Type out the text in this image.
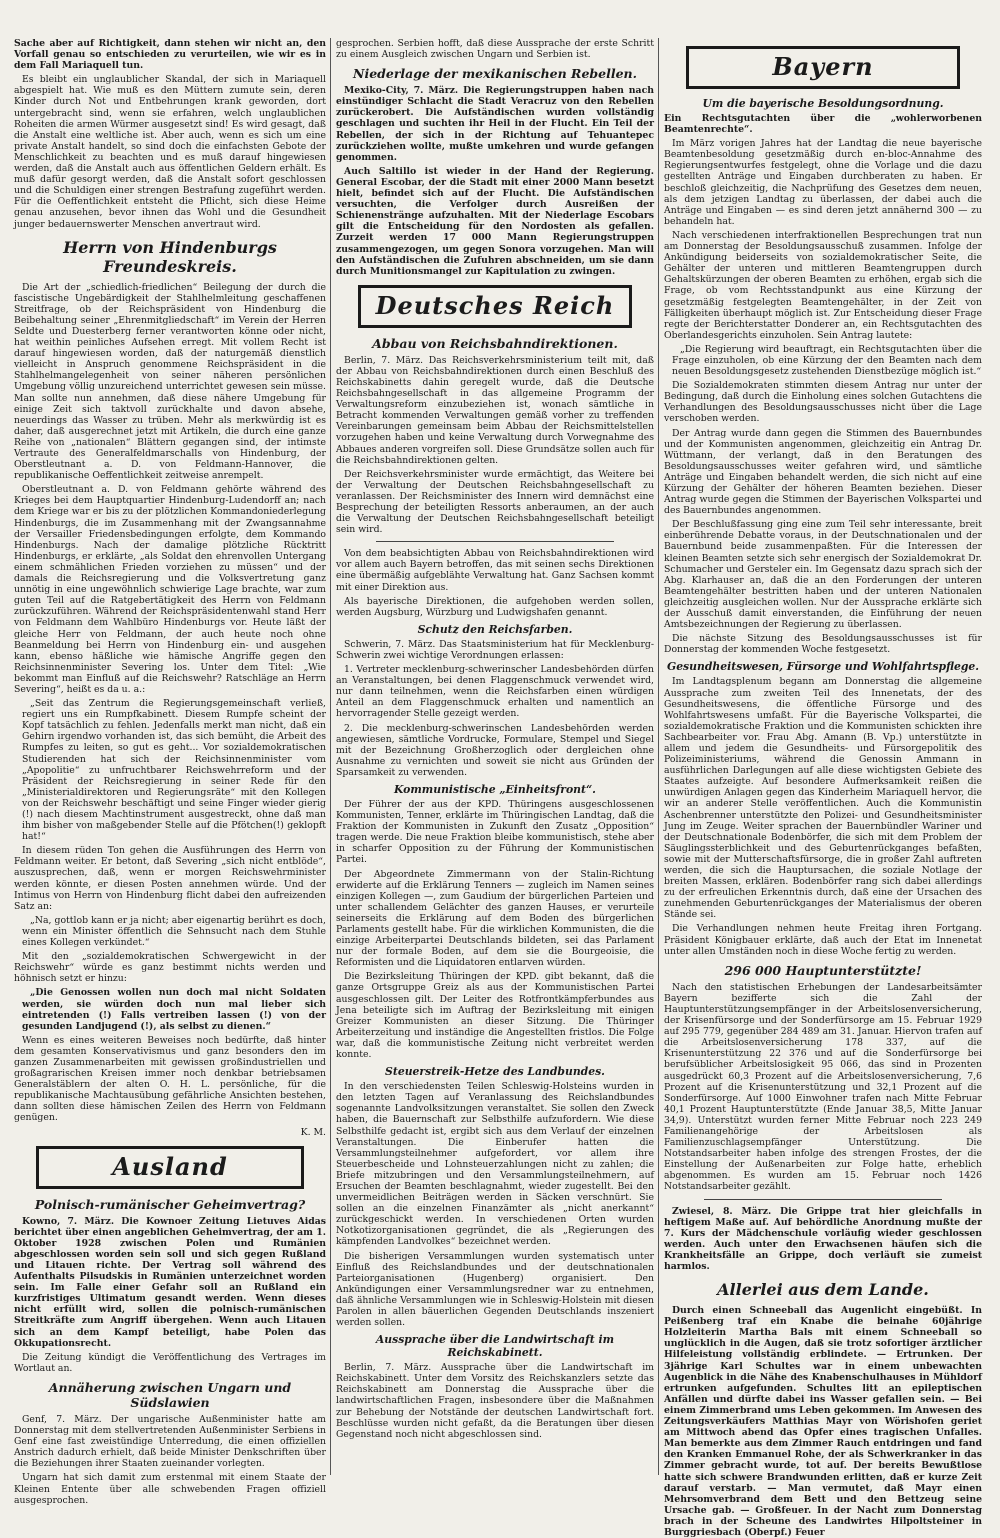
Sache aber auf Richtigkeit, dann stehen wir nicht an, den Vorfall genau so entschieden zu verurteilen, wie wir es in dem Fall Mariaquell tun.

Es bleibt ein unglaublicher Skandal, der sich in Mariaquell abgespielt hat. Wie muß es den Müttern zumute sein, deren Kinder durch Not und Entbehrungen krank geworden, dort untergebracht sind, wenn sie erfahren, welch unglaublichen Roheiten die armen Würmer ausgesetzt sind! Es wird gesagt, daß die Anstalt eine weltliche ist. Aber auch, wenn es sich um eine private Anstalt handelt, so sind doch die einfachsten Gebote der Menschlichkeit zu beachten und es muß darauf hingewiesen werden, daß die Anstalt auch aus öffentlichen Geldern erhält. Es muß dafür gesorgt werden, daß die Anstalt sofort geschlossen und die Schuldigen einer strengen Bestrafung zugeführt werden. Für die Oeffentlichkeit entsteht die Pflicht, sich diese Heime genau anzusehen, bevor ihnen das Wohl und die Gesundheit junger bedauernswerter Menschen anvertraut wird.

Herrn von Hindenburgs Freundeskreis.

Die Art der „schiedlich-friedlichen“ Beilegung der durch die fascistische Ungebärdigkeit der Stahlhelmleitung geschaffenen Streitfrage, ob der Reichspräsident von Hindenburg die Beibehaltung seiner „Ehrenmitgliedschaft“ im Verein der Herren Seldte und Duesterberg ferner verantworten könne oder nicht, hat weithin peinliches Aufsehen erregt. Mit vollem Recht ist darauf hingewiesen worden, daß der naturgemäß dienstlich vielleicht in Anspruch genommene Reichspräsident in die Stahlhelmangelegenheit von seiner näheren persönlichen Umgebung völlig unzureichend unterrichtet gewesen sein müsse. Man sollte nun annehmen, daß diese nähere Umgebung für einige Zeit sich taktvoll zurückhalte und davon absehe, neuerdings das Wasser zu trüben. Mehr als merkwürdig ist es daher, daß ausgerechnet jetzt mit Artikeln, die durch eine ganze Reihe von „nationalen“ Blättern gegangen sind, der intimste Vertraute des Generalfeldmarschalls von Hindenburg, der Oberstleutnant a. D. von Feldmann-Hannover, die republikanische Oeffentlichkeit zeitweise anrempelt.

Oberstleutnant a. D. von Feldmann gehörte während des Krieges bei dem Hauptquartier Hindenburg-Ludendorff an; nach dem Kriege war er bis zu der plötzlichen Kommandoniederlegung Hindenburgs, die im Zusammenhang mit der Zwangsannahme der Versailler Friedensbedingungen erfolgte, dem Kommando Hindenburgs. Nach der damalige plötzliche Rücktritt Hindenburgs, er erklärte, „als Soldat den ehrenvollen Untergang einem schmählichen Frieden vorziehen zu müssen“ und der damals die Reichsregierung und die Volksvertretung ganz unnötig in eine ungewöhnlich schwierige Lage brachte, war zum guten Teil auf die Ratgebertätigkeit des Herrn von Feldmann zurückzuführen. Während der Reichspräsidentenwahl stand Herr von Feldmann dem Wahlbüro Hindenburgs vor. Heute läßt der gleiche Herr von Feldmann, der auch heute noch ohne Beanmeldung bei Herrn von Hindenburg ein- und ausgehen kann, ebenso häßliche wie hämische Angriffe gegen den Reichsinnenminister Severing los. Unter dem Titel: „Wie bekommt man Einfluß auf die Reichswehr? Ratschläge an Herrn Severing“, heißt es da u. a.:

„Seit das Zentrum die Regierungsgemeinschaft verließ, regiert uns ein Rumpfkabinett. Diesem Rumpfe scheint der Kopf tatsächlich zu fehlen. Jedenfalls merkt man nicht, daß ein Gehirn irgendwo vorhanden ist, das sich bemüht, die Arbeit des Rumpfes zu leiten, so gut es geht... Vor sozialdemokratischen Studierenden hat sich der Reichsinnenminister vom „Apopolitie“ zu unfruchtbarer Reichswehrreform und der Präsident der Reichsregierung in seiner Rede für den „Ministerialdirektoren und Regierungsräte“ mit den Kollegen von der Reichswehr beschäftigt und seine Finger wieder gierig (!) nach diesem Machtinstrument ausgestreckt, ohne daß man ihm bisher von maßgebender Stelle auf die Pfötchen(!) geklopft hat!“

In diesem rüden Ton gehen die Ausführungen des Herrn von Feldmann weiter. Er betont, daß Severing „sich nicht entblöde“, auszusprechen, daß, wenn er morgen Reichswehrminister werden könnte, er diesen Posten annehmen würde. Und der Intimus von Herrn von Hindenburg flicht dabei den aufreizenden Satz an:

„Na, gottlob kann er ja nicht; aber eigenartig berührt es doch, wenn ein Minister öffentlich die Sehnsucht nach dem Stuhle eines Kollegen verkündet.“

Mit den „sozialdemokratischen Schwergewicht in der Reichswehr“ würde es ganz bestimmt nichts werden und höhnisch setzt er hinzu:

„Die Genossen wollen nun doch mal nicht Soldaten werden, sie würden doch nun mal lieber sich eintretenden (!) Falls vertreiben lassen (!) von der gesunden Landjugend (!), als selbst zu dienen.“

Wenn es eines weiteren Beweises noch bedürfte, daß hinter dem gesamten Konservativismus und ganz besonders den im ganzen Zusammenarbeiten mit gewissen großindustriellen und großagrarischen Kreisen immer noch denkbar betriebsamen Generalstäblern der alten O. H. L. persönliche, für die republikanische Machtausübung gefährliche Ansichten bestehen, dann sollten diese hämischen Zeilen des Herrn von Feldmann genügen.

K. M.

Ausland
Polnisch-rumänischer Geheimvertrag?

Kowno, 7. März. Die Kownoer Zeitung Lietuves Aidas berichtet über einen angeblichen Geheimvertrag, der am 1. Oktober 1928 zwischen Polen und Rumänien abgeschlossen worden sein soll und sich gegen Rußland und Litauen richte. Der Vertrag soll während des Aufenthalts Pilsudskis in Rumänien unterzeichnet worden sein. Im Falle einer Gefahr soll an Rußland ein kurzfristiges Ultimatum gesandt werden. Wenn dieses nicht erfüllt wird, sollen die polnisch-rumänischen Streitkräfte zum Angriff übergehen. Wenn auch Litauen sich an dem Kampf beteiligt, habe Polen das Okkupationsrecht.

Die Zeitung kündigt die Veröffentlichung des Vertrages im Wortlaut an.

Annäherung zwischen Ungarn und Südslawien

Genf, 7. März. Der ungarische Außenminister hatte am Donnerstag mit dem stellvertretenden Außenminister Serbiens in Genf eine fast zweistündige Unterredung, die einen offiziellen Anstrich dadurch erhielt, daß beide Minister Denkschriften über die Beziehungen ihrer Staaten zueinander vorlegten.

Ungarn hat sich damit zum erstenmal mit einem Staate der Kleinen Entente über alle schwebenden Fragen offiziell ausgesprochen.

gesprochen. Serbien hofft, daß diese Aussprache der erste Schritt zu einem Ausgleich zwischen Ungarn und Serbien ist.

Niederlage der mexikanischen Rebellen.

Mexiko-City, 7. März. Die Regierungstruppen haben nach einstündiger Schlacht die Stadt Veracruz von den Rebellen zurückerobert. Die Aufständischen wurden vollständig geschlagen und suchten ihr Heil in der Flucht. Ein Teil der Rebellen, der sich in der Richtung auf Tehuantepec zurückziehen wollte, mußte umkehren und wurde gefangen genommen.

Auch Saltillo ist wieder in der Hand der Regierung. General Escobar, der die Stadt mit einer 2000 Mann besetzt hielt, befindet sich auf der Flucht. Die Aufständischen versuchten, die Verfolger durch Ausreißen der Schienenstränge aufzuhalten. Mit der Niederlage Escobars gilt die Entscheidung für den Nordosten als gefallen. Zurzeit werden 17 000 Mann Regierungstruppen zusammengezogen, um gegen Sonora vorzugehen. Man will den Aufständischen die Zufuhren abschneiden, um sie dann durch Munitionsmangel zur Kapitulation zu zwingen.

Deutsches Reich
Abbau von Reichsbahndirektionen.

Berlin, 7. März. Das Reichsverkehrsministerium teilt mit, daß der Abbau von Reichsbahndirektionen durch einen Beschluß des Reichskabinetts dahin geregelt wurde, daß die Deutsche Reichsbahngesellschaft in das allgemeine Programm der Verwaltungsreform einzubeziehen ist, wonach sämtliche in Betracht kommenden Verwaltungen gemäß vorher zu treffenden Vereinbarungen gemeinsam beim Abbau der Reichsmittelstellen vorzugehen haben und keine Verwaltung durch Vorwegnahme des Abbaues anderen vorgreifen soll. Diese Grundsätze sollen auch für die Reichsbahndirektionen gelten.

Der Reichsverkehrsminister wurde ermächtigt, das Weitere bei der Verwaltung der Deutschen Reichsbahngesellschaft zu veranlassen. Der Reichsminister des Innern wird demnächst eine Besprechung der beteiligten Ressorts anberaumen, an der auch die Verwaltung der Deutschen Reichsbahngesellschaft beteiligt sein wird.

Von dem beabsichtigten Abbau von Reichsbahndirektionen wird vor allem auch Bayern betroffen, das mit seinen sechs Direktionen eine übermäßig aufgeblähte Verwaltung hat. Ganz Sachsen kommt mit einer Direktion aus.

Als bayerische Direktionen, die aufgehoben werden sollen, werden Augsburg, Würzburg und Ludwigshafen genannt.

Schutz den Reichsfarben.

Schwerin, 7. März. Das Staatsministerium hat für Mecklenburg-Schwerin zwei wichtige Verordnungen erlassen:

1. Vertreter mecklenburg-schwerinscher Landesbehörden dürfen an Veranstaltungen, bei denen Flaggenschmuck verwendet wird, nur dann teilnehmen, wenn die Reichsfarben einen würdigen Anteil an dem Flaggenschmuck erhalten und namentlich an hervorragender Stelle gezeigt werden.

2. Die mecklenburg-schwerinschen Landesbehörden werden angewiesen, sämtliche Vordrucke, Formulare, Stempel und Siegel mit der Bezeichnung Großherzoglich oder dergleichen ohne Ausnahme zu vernichten und soweit sie nicht aus Gründen der Sparsamkeit zu verwenden.

Kommunistische „Einheitsfront“.

Der Führer der aus der KPD. Thüringens ausgeschlossenen Kommunisten, Tenner, erklärte im Thüringischen Landtag, daß die Fraktion der Kommunisten in Zukunft den Zusatz „Opposition“ tragen werde. Die neue Fraktion bleibe kommunistisch, stehe aber in scharfer Opposition zu der Führung der Kommunistischen Partei.

Der Abgeordnete Zimmermann von der Stalin-Richtung erwiderte auf die Erklärung Tenners — zugleich im Namen seines einzigen Kollegen —, zum Gaudium der bürgerlichen Parteien und unter schallendem Gelächter des ganzen Hauses, er verurteile seinerseits die Erklärung auf dem Boden des bürgerlichen Parlaments gestellt habe. Für die wirklichen Kommunisten, die die einzige Arbeiterpartei Deutschlands bildeten, sei das Parlament nur der formale Boden, auf dem sie die Bourgeoisie, die Reformisten und die Liquidatoren entlarven würden.

Die Bezirksleitung Thüringen der KPD. gibt bekannt, daß die ganze Ortsgruppe Greiz als aus der Kommunistischen Partei ausgeschlossen gilt. Der Leiter des Rotfrontkämpferbundes aus Jena beteiligte sich im Auftrag der Bezirksleitung mit einigen Greizer Kommunisten an dieser Sitzung. Die Thüringer Arbeiterzeitung und inständige die Angestellten fristlos. Die Folge war, daß die kommunistische Zeitung nicht verbreitet werden konnte.

Steuerstreik-Hetze des Landbundes.

In den verschiedensten Teilen Schleswig-Holsteins wurden in den letzten Tagen auf Veranlassung des Reichslandbundes sogenannte Landvolksitzungen veranstaltet. Sie sollen den Zweck haben, die Bauernschaft zur Selbsthilfe aufzufordern. Wie diese Selbsthilfe gedacht ist, ergibt sich aus dem Verlauf der einzelnen Veranstaltungen. Die Einberufer hatten die Versammlungsteilnehmer aufgefordert, vor allem ihre Steuerbescheide und Lohnsteuerzahlungen nicht zu zahlen; die Briefe mitzubringen und den Versammlungsteilnehmern, auf Ersuchen der Beamten beschlagnahmt, wieder zugestellt. Bei den unvermeidlichen Beiträgen werden in Säcken verschnürt. Sie sollen an die einzelnen Finanzämter als „nicht anerkannt“ zurückgeschickt werden. In verschiedenen Orten wurden Notkotizorganisationen gegründet, die als „Regierungen des kämpfenden Landvolkes“ bezeichnet werden.

Die bisherigen Versammlungen wurden systematisch unter Einfluß des Reichslandbundes und der deutschnationalen Parteiorganisationen (Hugenberg) organisiert. Den Ankündigungen einer Versammlungsredner war zu entnehmen, daß ähnliche Versammlungen wie in Schleswig-Holstein mit diesen Parolen in allen bäuerlichen Gegenden Deutschlands inszeniert werden sollen.

Aussprache über die Landwirtschaft im Reichskabinett.

Berlin, 7. März. Aussprache über die Landwirtschaft im Reichskabinett. Unter dem Vorsitz des Reichskanzlers setzte das Reichskabinett am Donnerstag die Aussprache über die landwirtschaftlichen Fragen, insbesondere über die Maßnahmen zur Behebung der Notstände der deutschen Landwirtschaft fort. Beschlüsse wurden nicht gefaßt, da die Beratungen über diesen Gegenstand noch nicht abgeschlossen sind.

Bayern
Um die bayerische Besoldungsordnung.

Ein Rechtsgutachten über die „wohlerworbenen Beamtenrechte“.

Im März vorigen Jahres hat der Landtag die neue bayerische Beamtenbesoldung gesetzmäßig durch en-bloc-Annahme des Regierungsentwurfes festgelegt, ohne die Vorlage und die dazu gestellten Anträge und Eingaben durchberaten zu haben. Er beschloß gleichzeitig, die Nachprüfung des Gesetzes dem neuen, als dem jetzigen Landtag zu überlassen, der dabei auch die Anträge und Eingaben — es sind deren jetzt annähernd 300 — zu behandeln hat.

Nach verschiedenen interfraktionellen Besprechungen trat nun am Donnerstag der Besoldungsausschuß zusammen. Infolge der Ankündigung beiderseits von sozialdemokratischer Seite, die Gehälter der unteren und mittleren Beamtengruppen durch Gehaltskürzungen der oberen Beamten zu erhöhen, ergab sich die Frage, ob vom Rechtsstandpunkt aus eine Kürzung der gesetzmäßig festgelegten Beamtengehälter, in der Zeit von Fälligkeiten überhaupt möglich ist. Zur Entscheidung dieser Frage regte der Berichterstatter Donderer an, ein Rechtsgutachten des Oberlandesgerichts einzuholen. Sein Antrag lautete:

„Die Regierung wird beauftragt, ein Rechtsgutachten über die Frage einzuholen, ob eine Kürzung der den Beamten nach dem neuen Besoldungsgesetz zustehenden Dienstbezüge möglich ist.“

Die Sozialdemokraten stimmten diesem Antrag nur unter der Bedingung, daß durch die Einholung eines solchen Gutachtens die Verhandlungen des Besoldungsausschusses nicht über die Lage verschoben werden.

Der Antrag wurde dann gegen die Stimmen des Bauernbundes und der Kommunisten angenommen, gleichzeitig ein Antrag Dr. Wüttmann, der verlangt, daß in den Beratungen des Besoldungsausschusses weiter gefahren wird, und sämtliche Anträge und Eingaben behandelt werden, die sich nicht auf eine Kürzung der Gehälter der höheren Beamten beziehen. Dieser Antrag wurde gegen die Stimmen der Bayerischen Volkspartei und des Bauernbundes angenommen.

Der Beschlußfassung ging eine zum Teil sehr interessante, breit einberührende Debatte voraus, in der Deutschnationalen und der Bauernbund beide zusammenpaßten. Für die Interessen der kleinen Beamten setzte sich sehr energisch der Sozialdemokrat Dr. Schumacher und Gersteler ein. Im Gegensatz dazu sprach sich der Abg. Klarhauser an, daß die an den Forderungen der unteren Beamtengehälter bestritten haben und der unteren Nationalen gleichzeitig ausgleichen wollen. Nur der Aussprache erklärte sich der Ausschuß damit einverstanden, die Einführung der neuen Amtsbezeichnungen der Regierung zu überlassen.

Die nächste Sitzung des Besoldungsausschusses ist für Donnerstag der kommenden Woche festgesetzt.

Gesundheitswesen, Fürsorge und Wohlfahrtspflege.

Im Landtagsplenum begann am Donnerstag die allgemeine Aussprache zum zweiten Teil des Innenetats, der des Gesundheitswesens, die öffentliche Fürsorge und des Wohlfahrtswesens umfaßt. Für die Bayerische Volkspartei, die sozialdemokratische Fraktion und die Kommunisten schickten ihre Sachbearbeiter vor. Frau Abg. Amann (B. Vp.) unterstützte in allem und jedem die Gesundheits- und Fürsorgepolitik des Polizeiministeriums, während die Genossin Ammann in ausführlichen Darlegungen auf alle diese wichtigsten Gebiete des Staates aufzeigte. Auf besondere Aufmerksamkeit reißen die unwürdigen Anlagen gegen das Kinderheim Mariaquell hervor, die wir an anderer Stelle veröffentlichen. Auch die Kommunistin Aschenbrenner unterstützte den Polizei- und Gesundheitsminister Jung im Zeuge. Weiter sprachen der Bauernbündler Wariner und der Deutschnationale Bodenbörfer, die sich mit dem Problem der Säuglingssterblichkeit und des Geburtenrückganges befaßten, sowie mit der Mutterschaftsfürsorge, die in großer Zahl auftreten werden, die sich die Hauptursachen, die soziale Notlage der breiten Massen, erklären. Bodenbörfer rang sich dabei allerdings zu der erfreulichen Erkenntnis durch, daß eine der Ursachen des zunehmenden Geburtenrückganges der Materialismus der oberen Stände sei.

Die Verhandlungen nehmen heute Freitag ihren Fortgang. Präsident Königbauer erklärte, daß auch der Etat im Innenetat unter allen Umständen noch in diese Woche fertig zu werden.

296 000 Hauptunterstützte!

Nach den statistischen Erhebungen der Landesarbeitsämter Bayern bezifferte sich die Zahl der Hauptunterstützungsempfänger in der Arbeitslosenversicherung, der Krisenfürsorge und der Sonderfürsorge am 15. Februar 1929 auf 295 779, gegenüber 284 489 am 31. Januar. Hiervon trafen auf die Arbeitslosenversicherung 178 337, auf die Krisenunterstützung 22 376 und auf die Sonderfürsorge bei berufsüblicher Arbeitslosigkeit 95 066, das sind in Prozenten ausgedrückt 60,3 Prozent auf die Arbeitslosenversicherung, 7,6 Prozent auf die Krisenunterstützung und 32,1 Prozent auf die Sonderfürsorge. Auf 1000 Einwohner trafen nach Mitte Februar 40,1 Prozent Hauptunterstützte (Ende Januar 38,5, Mitte Januar 34,9). Unterstützt wurden ferner Mitte Februar noch 223 249 Familienangehörige der Arbeitslosen als Familienzuschlagsempfänger Unterstützung. Die Notstandsarbeiter haben infolge des strengen Frostes, der die Einstellung der Außenarbeiten zur Folge hatte, erheblich abgenommen. Es wurden am 15. Februar noch 1426 Notstandsarbeiter gezählt.

Zwiesel, 8. März. Die Grippe trat hier gleichfalls in heftigem Maße auf. Auf behördliche Anordnung mußte der 7. Kurs der Mädchenschule vorläufig wieder geschlossen werden. Auch unter den Erwachsenen häufen sich die Krankheitsfälle an Grippe, doch verläuft sie zumeist harmlos.

Allerlei aus dem Lande.

Durch einen Schneeball das Augenlicht eingebüßt. In Peißenberg traf ein Knabe die beinahe 60jährige Holzleiterin Martha Bals mit einem Schneeball so unglücklich in die Augen, daß sie trotz sofortiger ärztlicher Hilfeleistung vollständig erblindete. — Ertrunken. Der 3jährige Karl Schultes war in einem unbewachten Augenblick in die Nähe des Knabenschulhauses in Mühldorf ertrunken aufgefunden. Schultes litt an epileptischen Anfällen und dürfte dabei ins Wasser gefallen sein. — Bei einem Zimmerbrand ums Leben gekommen. Im Anwesen des Zeitungsverkäufers Matthias Mayr von Wörishofen geriet am Mittwoch abend das Opfer eines tragischen Unfalles. Man bemerkte aus dem Zimmer Rauch entdringen und fand den Kranken Emmanuel Rohe, der als Schwerkranker in das Zimmer gebracht wurde, tot auf. Der bereits Bewußtlose hatte sich schwere Brandwunden erlitten, daß er kurze Zeit darauf verstarb. — Man vermutet, daß Mayr einen Mehrsomverbrand dem Bett und den Bettzeug seine Ursache gab. — Großfeuer. In der Nacht zum Donnerstag brach in der Scheune des Landwirtes Hilpoltsteiner in Burggriesbach (Oberpf.) Feuer
